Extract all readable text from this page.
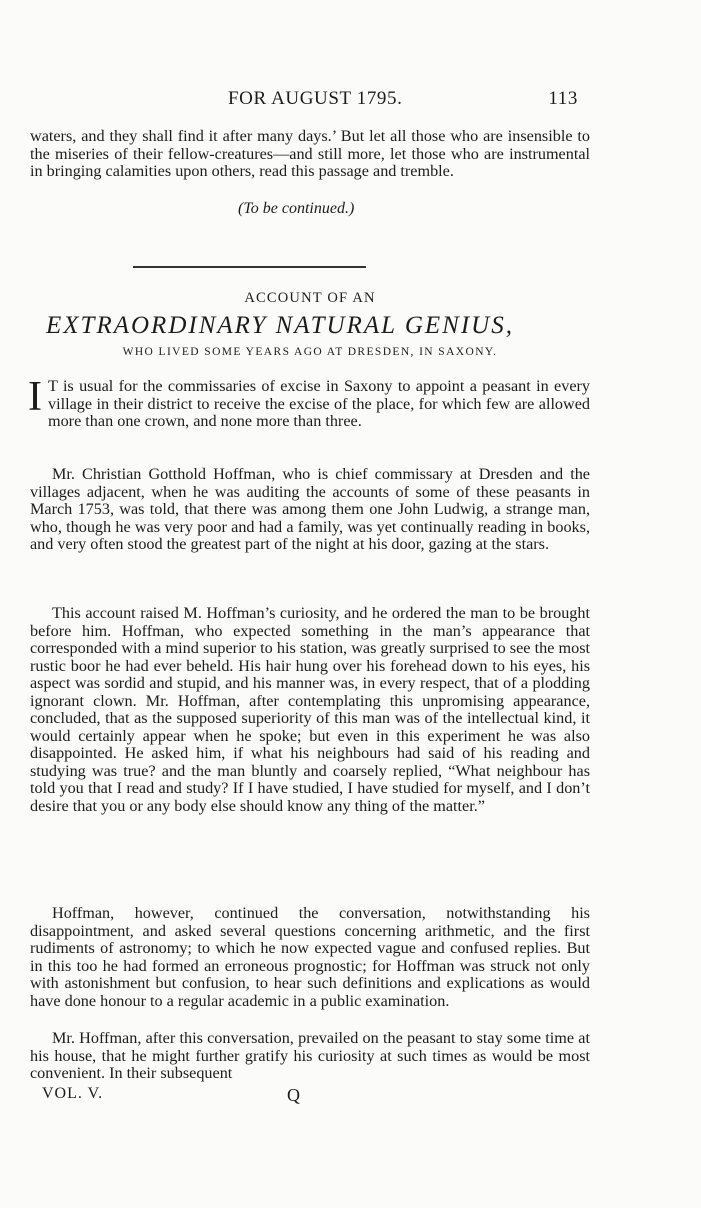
FOR AUGUST 1795.	113
waters, and they shall find it after many days.’ But let all those who are insensible to the miseries of their fellow-creatures—and still more, let those who are instrumental in bringing calamities upon others, read this passage and tremble.
(To be continued.)
ACCOUNT OF AN
EXTRAORDINARY NATURAL GENIUS,
WHO LIVED SOME YEARS AGO AT DRESDEN, IN SAXONY.
I T is usual for the commissaries of excise in Saxony to appoint a peasant in every village in their district to receive the excise of the place, for which few are allowed more than one crown, and none more than three.
Mr. Christian Gotthold Hoffman, who is chief commissary at Dresden and the villages adjacent, when he was auditing the accounts of some of these peasants in March 1753, was told, that there was among them one John Ludwig, a strange man, who, though he was very poor and had a family, was yet continually reading in books, and very often stood the greatest part of the night at his door, gazing at the stars.
This account raised M. Hoffman’s curiosity, and he ordered the man to be brought before him. Hoffman, who expected something in the man’s appearance that corresponded with a mind superior to his station, was greatly surprised to see the most rustic boor he had ever beheld. His hair hung over his forehead down to his eyes, his aspect was sordid and stupid, and his manner was, in every respect, that of a plodding ignorant clown. Mr. Hoffman, after contemplating this unpromising appearance, concluded, that as the supposed superiority of this man was of the intellectual kind, it would certainly appear when he spoke; but even in this experiment he was also disappointed. He asked him, if what his neighbours had said of his reading and studying was true? and the man bluntly and coarsely replied, “What neighbour has told you that I read and study? If I have studied, I have studied for myself, and I don’t desire that you or any body else should know any thing of the matter.”
Hoffman, however, continued the conversation, notwithstanding his disappointment, and asked several questions concerning arithmetic, and the first rudiments of astronomy; to which he now expected vague and confused replies. But in this too he had formed an erroneous prognostic; for Hoffman was struck not only with astonishment but confusion, to hear such definitions and explications as would have done honour to a regular academic in a public examination.
Mr. Hoffman, after this conversation, prevailed on the peasant to stay some time at his house, that he might further gratify his curiosity at such times as would be most convenient. In their subsequent
VOL. V.	Q
